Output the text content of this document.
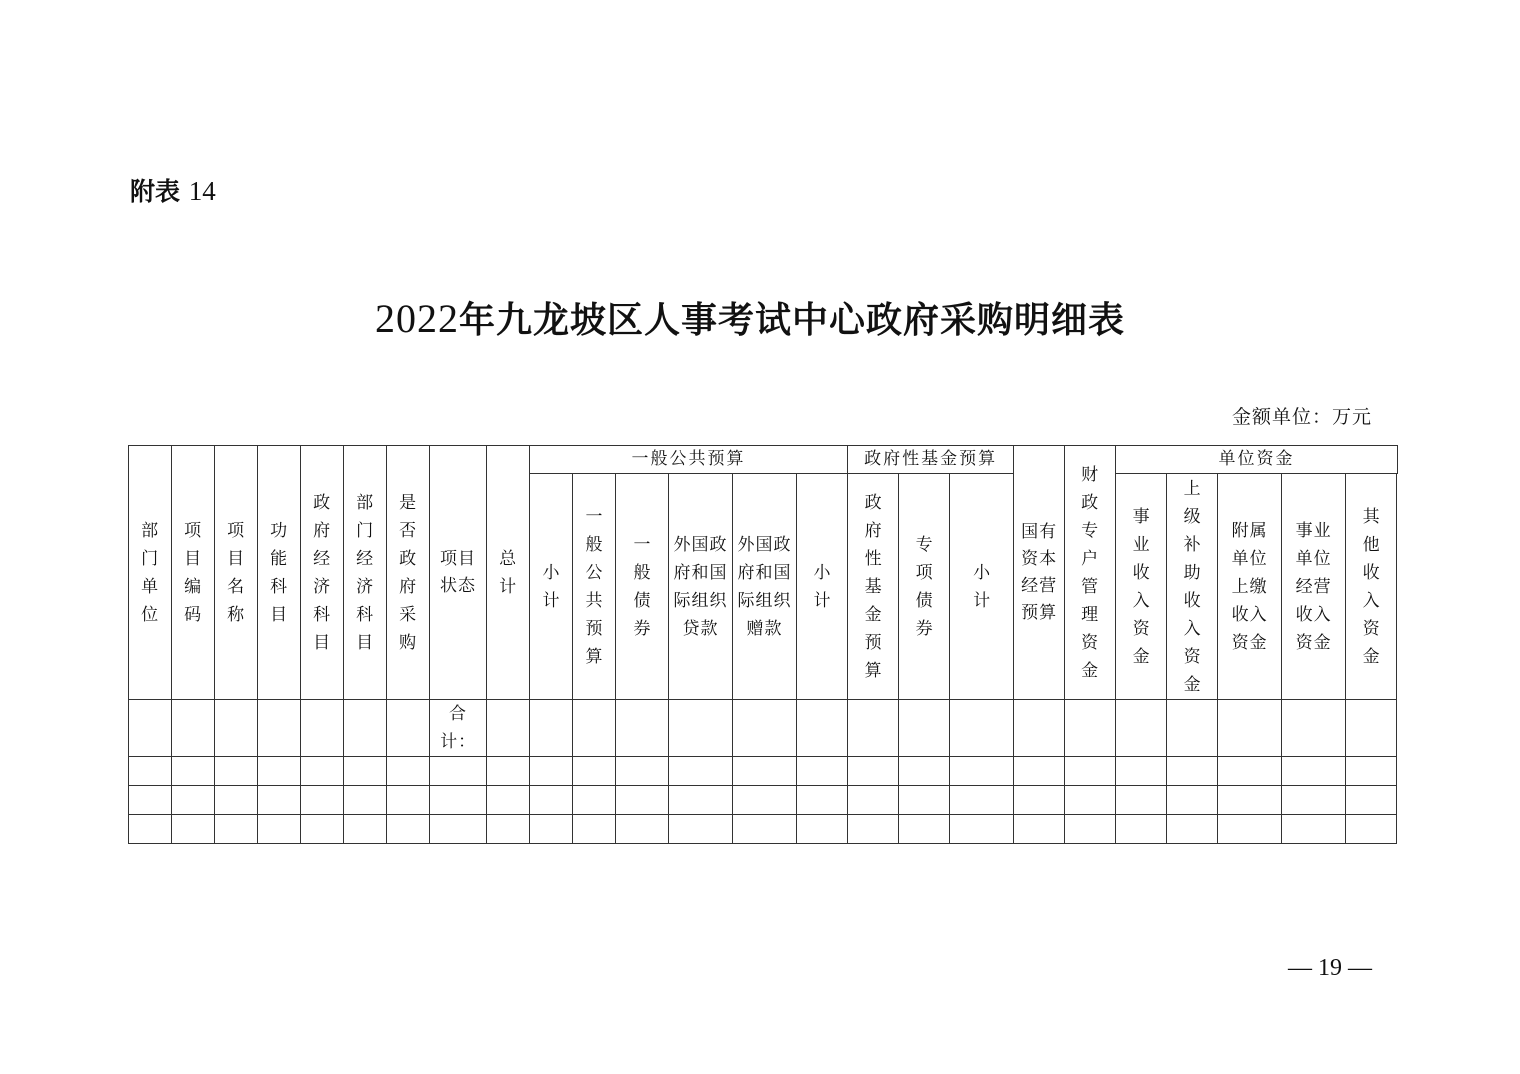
附表 14
2022年九龙坡区人事考试中心政府采购明细表
金额单位：万元
部门单位	项目编码	项目名称	功能科目	政府经济科目	部门经济科目	是否政府采购	项目状态	总计	一般公共预算						政府性基金预算			国有资本经营预算	财政专户管理资金	单位资金				
									小计	一般公共预算	一般债券	外国政府和国际组织贷款	外国政府和国际组织赠款	小计	政府性基金预算	专项债券	小计			事业收入资金	上级补助收入资金	附属单位上缴收入资金	事业单位经营收入资金	其他收入资金
							合计：																	

— 19 —
